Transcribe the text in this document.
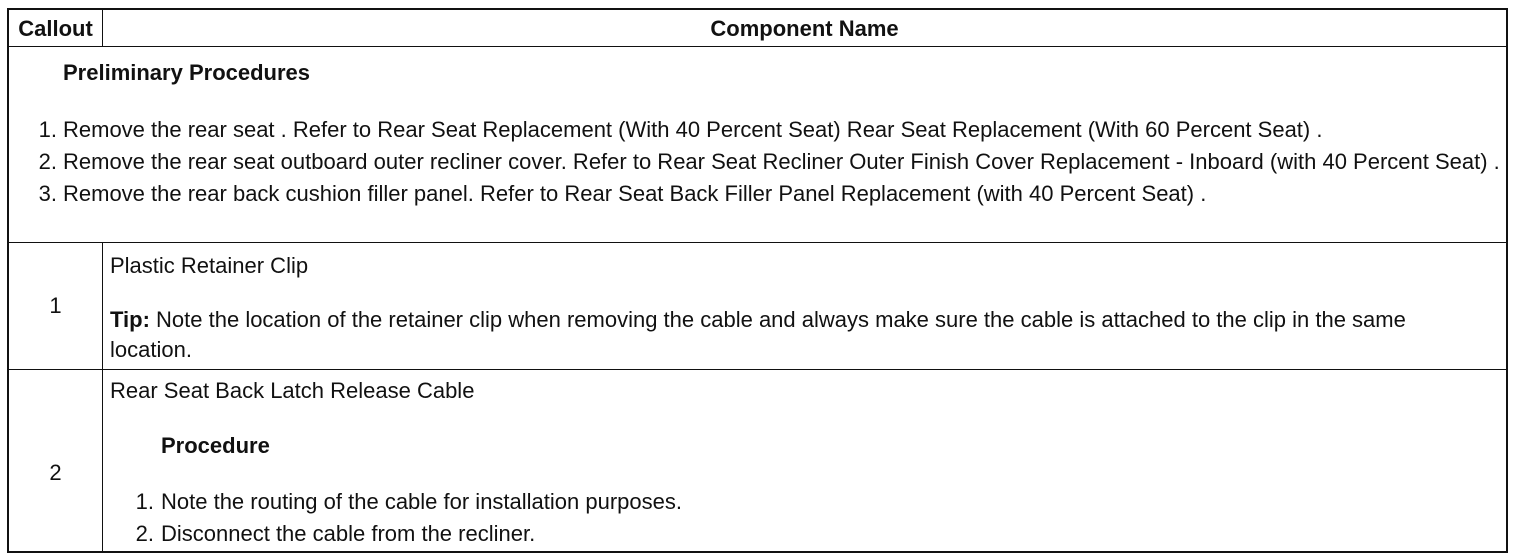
Callout	Component Name
Preliminary Procedures
1. Remove the rear seat . Refer to Rear Seat Replacement (With 40 Percent Seat) Rear Seat Replacement (With 60 Percent Seat) .
2. Remove the rear seat outboard outer recliner cover. Refer to Rear Seat Recliner Outer Finish Cover Replacement - Inboard (with 40 Percent Seat) .
3. Remove the rear back cushion filler panel. Refer to Rear Seat Back Filler Panel Replacement (with 40 Percent Seat) .
1
Plastic Retainer Clip
Tip: Note the location of the retainer clip when removing the cable and always make sure the cable is attached to the clip in the same location.
2
Rear Seat Back Latch Release Cable
Procedure
1. Note the routing of the cable for installation purposes.
2. Disconnect the cable from the recliner.
